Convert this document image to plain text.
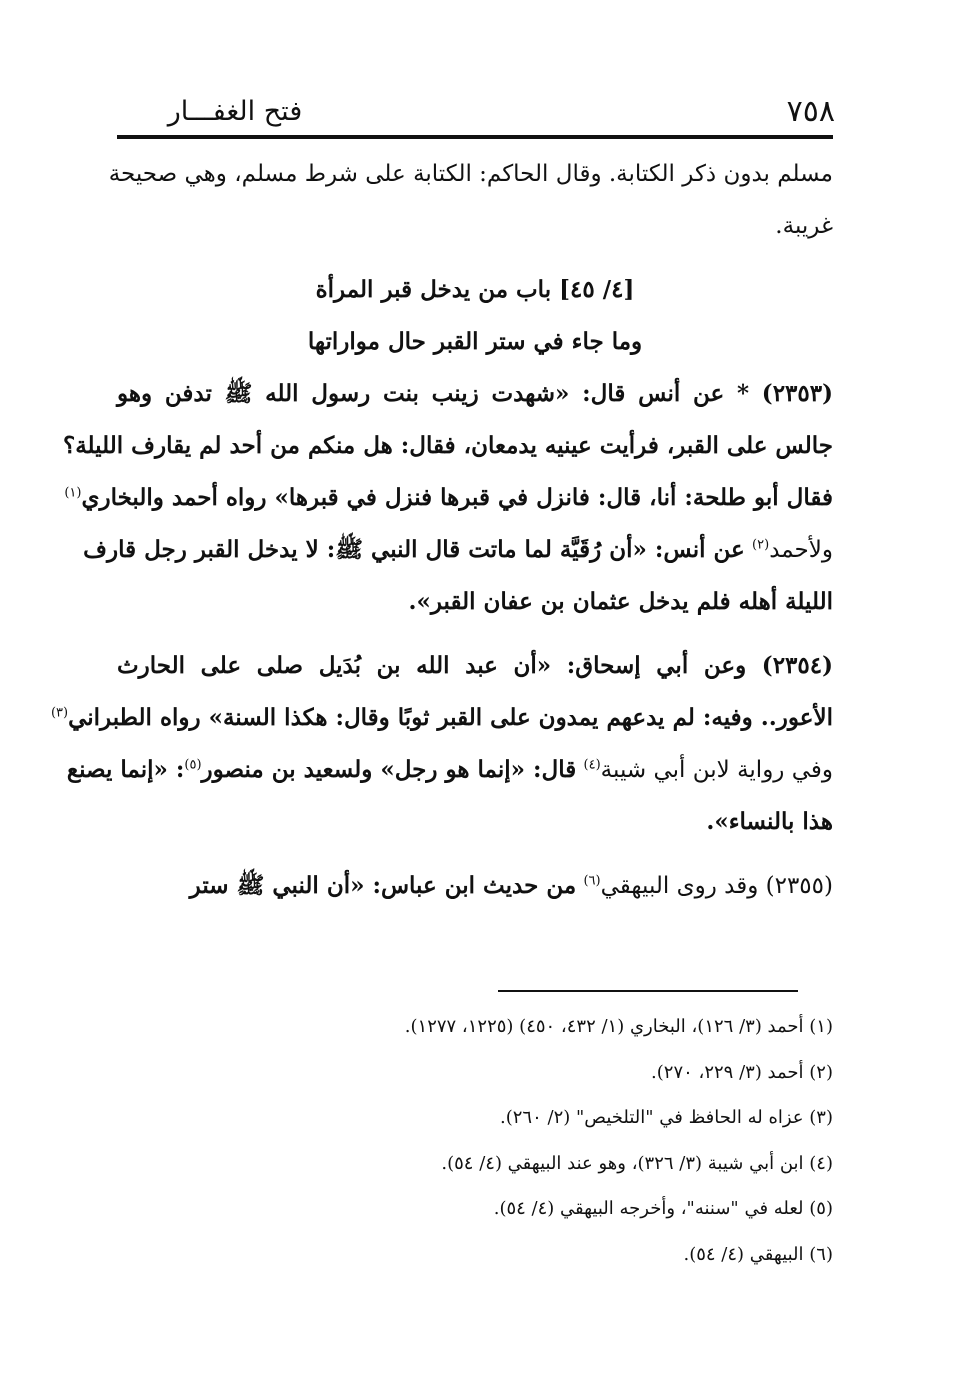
فتح الغفـــار	٧٥٨
مسلم بدون ذكر الكتابة. وقال الحاكم: الكتابة على شرط مسلم، وهي صحيحة
غريبة.
[٤/ ٤٥] باب من يدخل قبر المرأة
وما جاء في ستر القبر حال مواراتها
(٢٣٥٣) * عن أنس قال: «شهدت زينب بنت رسول الله ﷺ تدفن وهو
جالس على القبر، فرأيت عينيه يدمعان، فقال: هل منكم من أحد لم يقارف الليلة؟
فقال أبو طلحة: أنا، قال: فانزل في قبرها فنزل في قبرها» رواه أحمد والبخاري$^{(١)}$
ولأحمد$^{(٢)}$ عن أنس: «أن رُقَيَّة لما ماتت قال النبي ﷺ: لا يدخل القبر رجل قارف
الليلة أهله فلم يدخل عثمان بن عفان القبر».
(٢٣٥٤) وعن أبي إسحاق: «أن عبد الله بن بُدَيل صلى على الحارث
الأعور.. وفيه: لم يدعهم يمدون على القبر ثوبًا وقال: هكذا السنة» رواه الطبراني$^{(٣)}$
وفي رواية لابن أبي شيبة$^{(٤)}$ قال: «إنما هو رجل» ولسعيد بن منصور$^{(٥)}$: «إنما يصنع
هذا بالنساء».
(٢٣٥٥) وقد روى البيهقي$^{(٦)}$ من حديث ابن عباس: «أن النبي ﷺ ستر
(١) أحمد (٣/ ١٢٦)، البخاري (١/ ٤٣٢، ٤٥٠) (١٢٢٥، ١٢٧٧).
(٢) أحمد (٣/ ٢٢٩، ٢٧٠).
(٣) عزاه له الحافظ في "التلخيص" (٢/ ٢٦٠).
(٤) ابن أبي شيبة (٣/ ٣٢٦)، وهو عند البيهقي (٤/ ٥٤).
(٥) لعله في "سننه"، وأخرجه البيهقي (٤/ ٥٤).
(٦) البيهقي (٤/ ٥٤).
